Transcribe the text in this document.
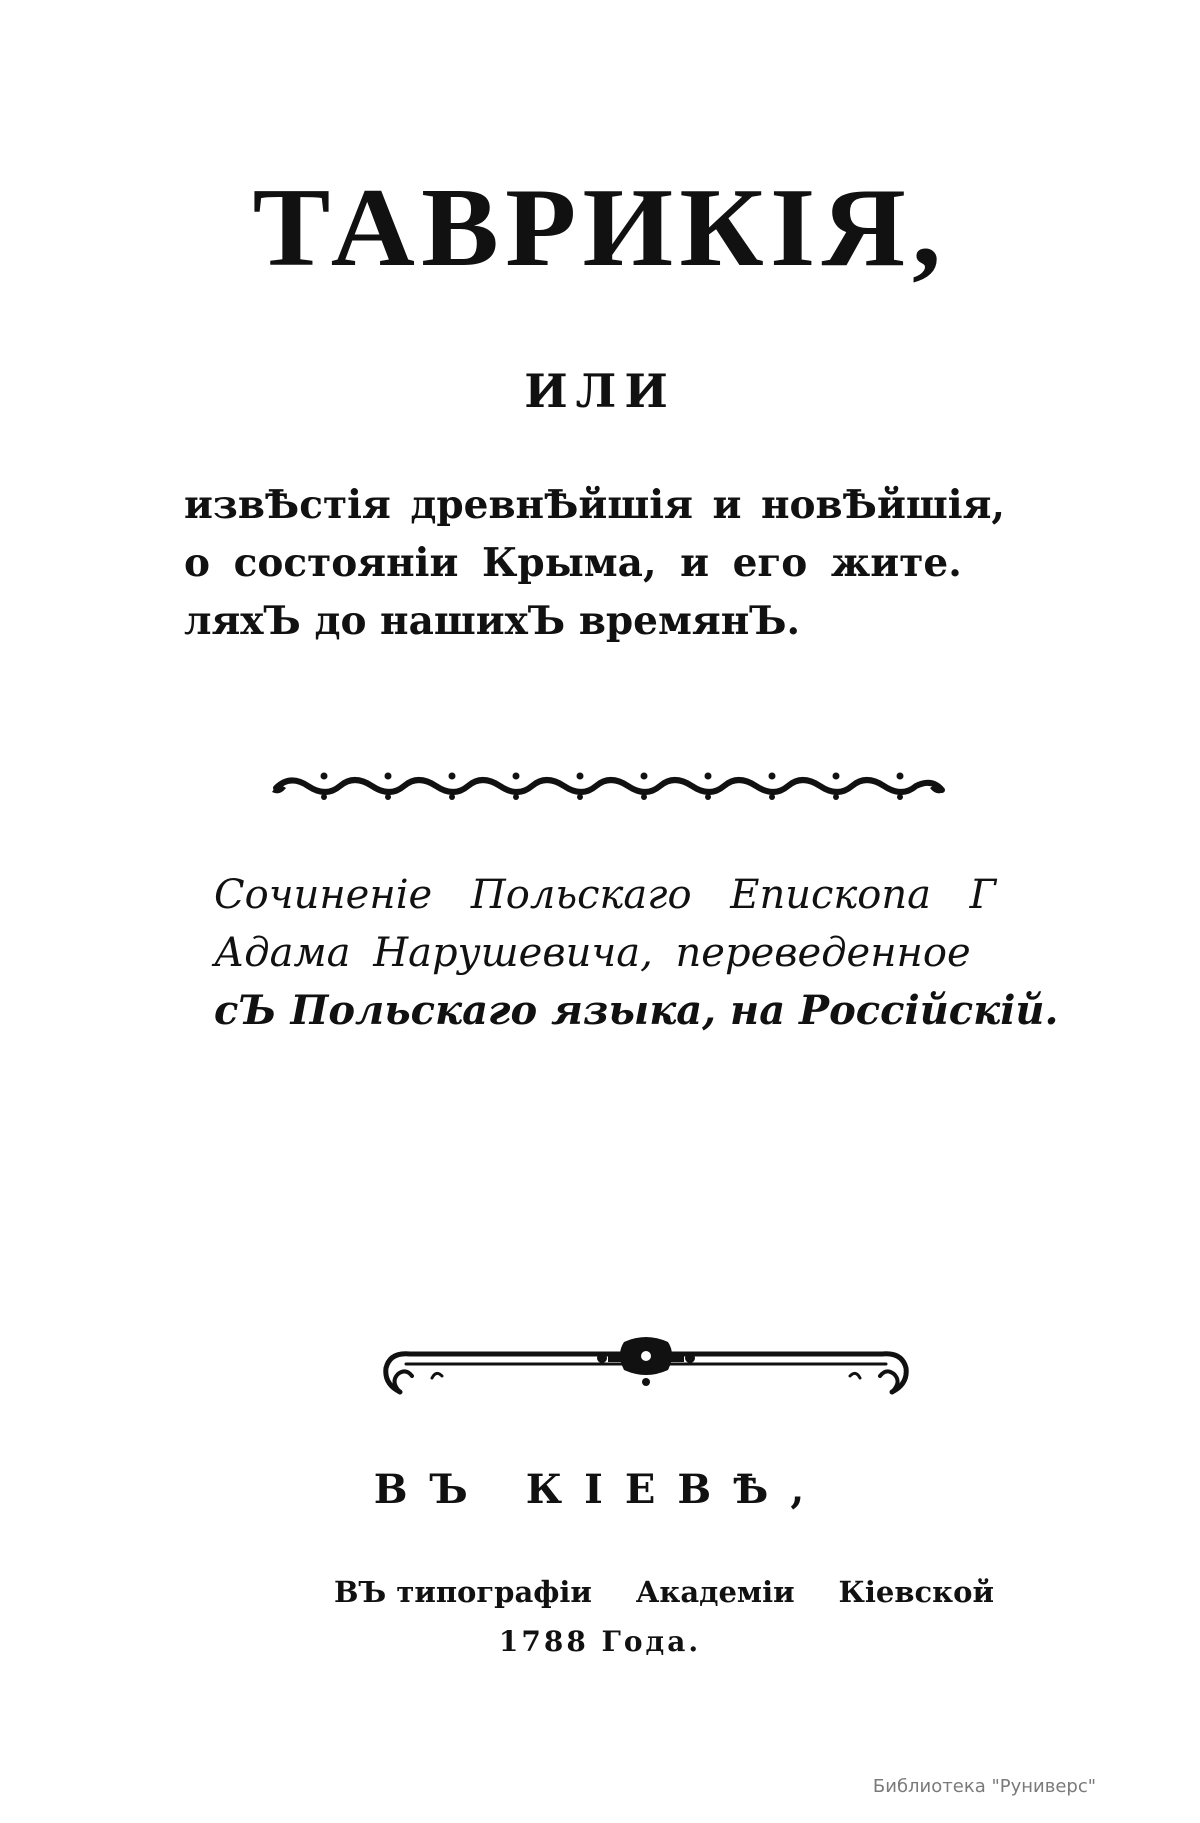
ТАВРИКІЯ,
ИЛИ
извѢстія древнѢйшія и новѢйшія,
о состояніи Крыма, и его жите.
ляхЪ до нашихЪ времянЪ.
Сочиненіе Польскаго Епископа Г
Адама Нарушевича, переведенное
сЪ Польскаго языка, на Россійскій.
ВЪ КІЕВѢ,
ВЪ типографіи Академіи Кіевской
1788 Года.
Библиотека "Руниверс"
